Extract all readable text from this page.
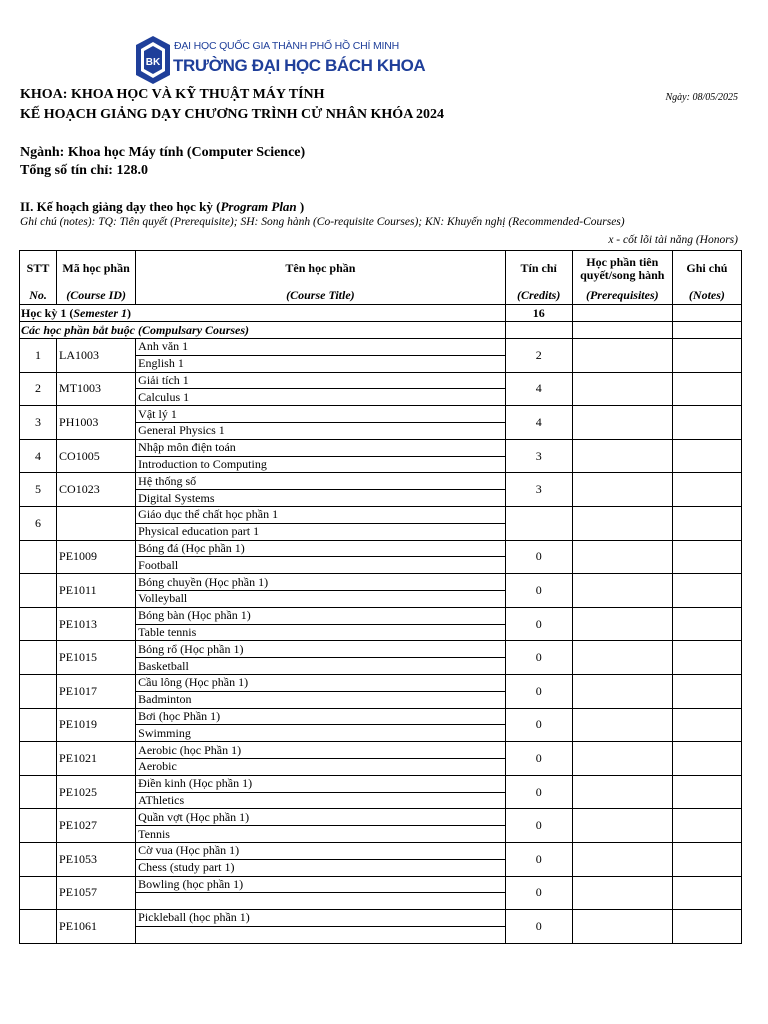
BK
ĐẠI HỌC QUỐC GIA THÀNH PHỐ HỒ CHÍ MINH
TRƯỜNG ĐẠI HỌC BÁCH KHOA
KHOA: KHOA HỌC VÀ KỸ THUẬT MÁY TÍNH
KẾ HOẠCH GIẢNG DẠY CHƯƠNG TRÌNH CỬ NHÂN KHÓA 2024
Ngày: 08/05/2025
Ngành: Khoa học Máy tính (Computer Science)
Tổng số tín chỉ: 128.0
II. Kế hoạch giảng dạy theo học kỳ (Program Plan )
Ghi chú (notes): TQ: Tiên quyết (Prerequisite); SH: Song hành (Co-requisite Courses); KN: Khuyến nghị (Recommended-Courses)
x - cốt lõi tài năng (Honors)
STT	Mã học phần	Tên học phần	Tín chỉ	Học phần tiên quyết/song hành	Ghi chú
No.	(Course ID)	(Course Title)	(Credits)	(Prerequisites)	(Notes)
Học kỳ 1 (Semester 1)			16		
Các học phần bắt buộc (Compulsary Courses)					
1	LA1003	Anh văn 1	2		
		English 1			
2	MT1003	Giải tích 1	4		
		Calculus 1			
3	PH1003	Vật lý 1	4		
		General Physics 1			
4	CO1005	Nhập môn điện toán	3		
		Introduction to Computing			
5	CO1023	Hệ thống số	3		
		Digital Systems			
6		Giáo dục thể chất học phần 1			
		Physical education part 1			
	PE1009	Bóng đá (Học phần 1)	0		
		Football			
	PE1011	Bóng chuyền (Học phần 1)	0		
		Volleyball			
	PE1013	Bóng bàn (Học phần 1)	0		
		Table tennis			
	PE1015	Bóng rổ (Học phần 1)	0		
		Basketball			
	PE1017	Cầu lông (Học phần 1)	0		
		Badminton			
	PE1019	Bơi (học Phần 1)	0		
		Swimming			
	PE1021	Aerobic (học Phần 1)	0		
		Aerobic			
	PE1025	Điền kinh (Học phần 1)	0		
		AThletics			
	PE1027	Quần vợt (Học phần 1)	0		
		Tennis			
	PE1053	Cờ vua (Học phần 1)	0		
		Chess (study part 1)			
	PE1057	Bowling (học phần 1)	0		

	PE1061	Pickleball (học phần 1)	0		
